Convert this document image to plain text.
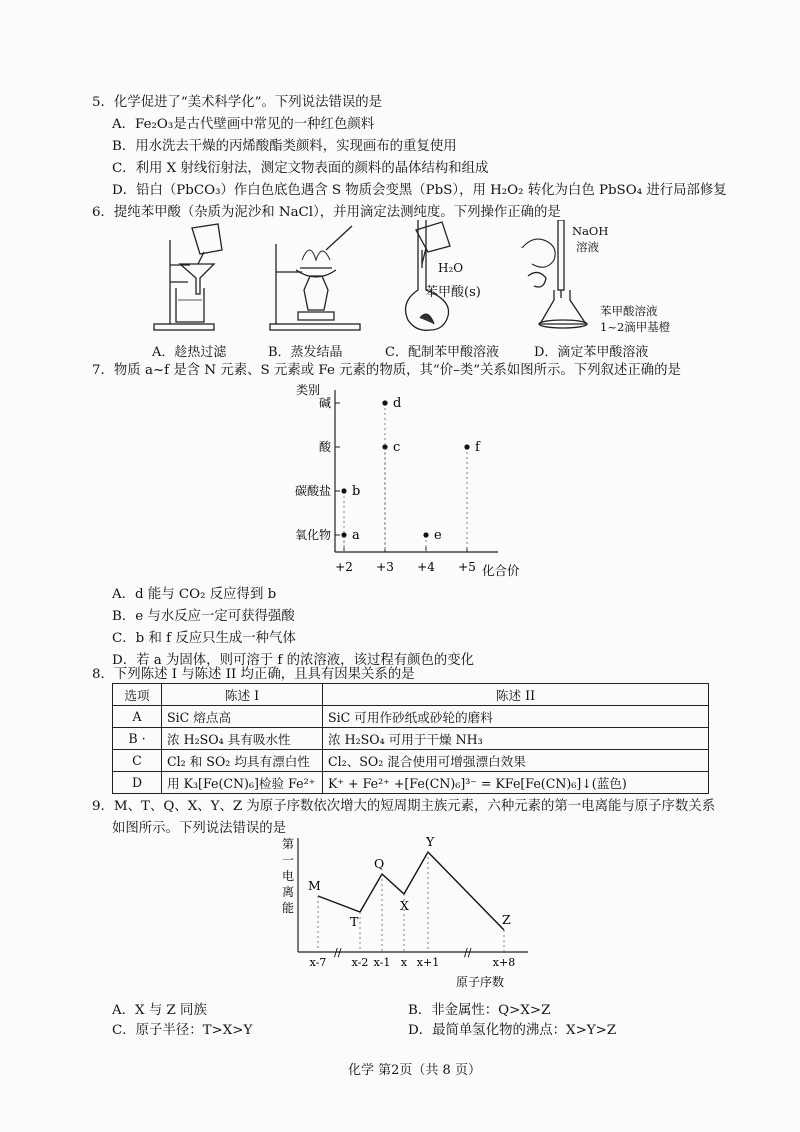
5．化学促进了“美术科学化”。下列说法错误的是
A．Fe₂O₃是古代壁画中常见的一种红色颜料
B．用水洗去干燥的丙烯酸酯类颜料，实现画布的重复使用
C．利用 X 射线衍射法，测定文物表面的颜料的晶体结构和组成
D．铅白（PbCO₃）作白色底色遇含 S 物质会变黑（PbS），用 H₂O₂ 转化为白色 PbSO₄ 进行局部修复
6．提纯苯甲酸（杂质为泥沙和 NaCl），并用滴定法测纯度。下列操作正确的是
H₂O
苯甲酸(s)
NaOH
溶液
苯甲酸溶液
1~2滴甲基橙
A．趁热过滤	B．蒸发结晶	C．配制苯甲酸溶液	D．滴定苯甲酸溶液
7．物质 a~f 是含 N 元素、S 元素或 Fe 元素的物质，其“价–类”关系如图所示。下列叙述正确的是
类别
化合价
氧化物
碳酸盐
酸
碱
+2 +3 +4 +5
a
b
c
d
e
f
A．d 能与 CO₂ 反应得到 b
B．e 与水反应一定可获得强酸
C．b 和 f 反应只生成一种气体
D．若 a 为固体，则可溶于 f 的浓溶液，该过程有颜色的变化
8．下列陈述 I 与陈述 II 均正确，且具有因果关系的是
选项	陈述 I	陈述 II
A	SiC 熔点高	SiC 可用作砂纸或砂轮的磨料
B ·	浓 H₂SO₄ 具有吸水性	浓 H₂SO₄ 可用于干燥 NH₃
C	Cl₂ 和 SO₂ 均具有漂白性	Cl₂、SO₂ 混合使用可增强漂白效果
D	用 K₃[Fe(CN)₆]检验 Fe²⁺	K⁺ + Fe²⁺ +[Fe(CN)₆]³⁻ = KFe[Fe(CN)₆]↓(蓝色)
9．M、T、Q、X、Y、Z 为原子序数依次增大的短周期主族元素，六种元素的第一电离能与原子序数关系
如图所示。下列说法错误的是
原子序数
第
一
电
离
能
x-7 x-2 x-1 x x+1	x+8
//	//
M
T
Q
X
Y
Z
A．X 与 Z 同族	B．非金属性：Q>X>Z
C．原子半径：T>X>Y	D．最简单氢化物的沸点：X>Y>Z
化学 第2页（共 8 页）
